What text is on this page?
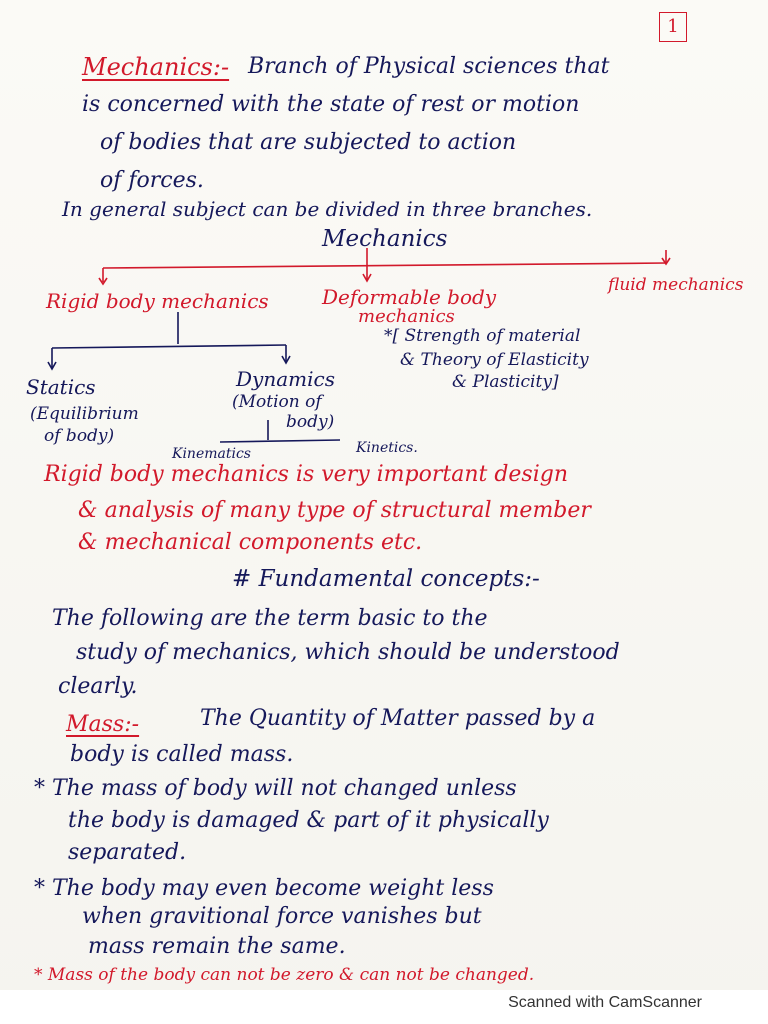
1
Mechanics:- Branch of Physical sciences that
is concerned with the state of rest or motion
of bodies that are subjected to action
of forces.
In general subject can be divided in three branches.
Mechanics
Rigid body mechanics	Deformable body
mechanics
fluid mechanics
*[ Strength of material
& Theory of Elasticity
& Plasticity]
Statics
(Equilibrium
of body)
Dynamics
(Motion of
body)
Kinematics	Kinetics.
Rigid body mechanics is very important design
& analysis of many type of structural member
& mechanical components etc.
# Fundamental concepts:-
The following are the term basic to the
study of mechanics, which should be understood
clearly.
Mass:-	The Quantity of Matter passed by a
body is called mass.
* The mass of body will not changed unless
the body is damaged & part of it physically
separated.
* The body may even become weight less
when gravitional force vanishes but
mass remain the same.
* Mass of the body can not be zero & can not be changed.
Scanned with CamScanner
